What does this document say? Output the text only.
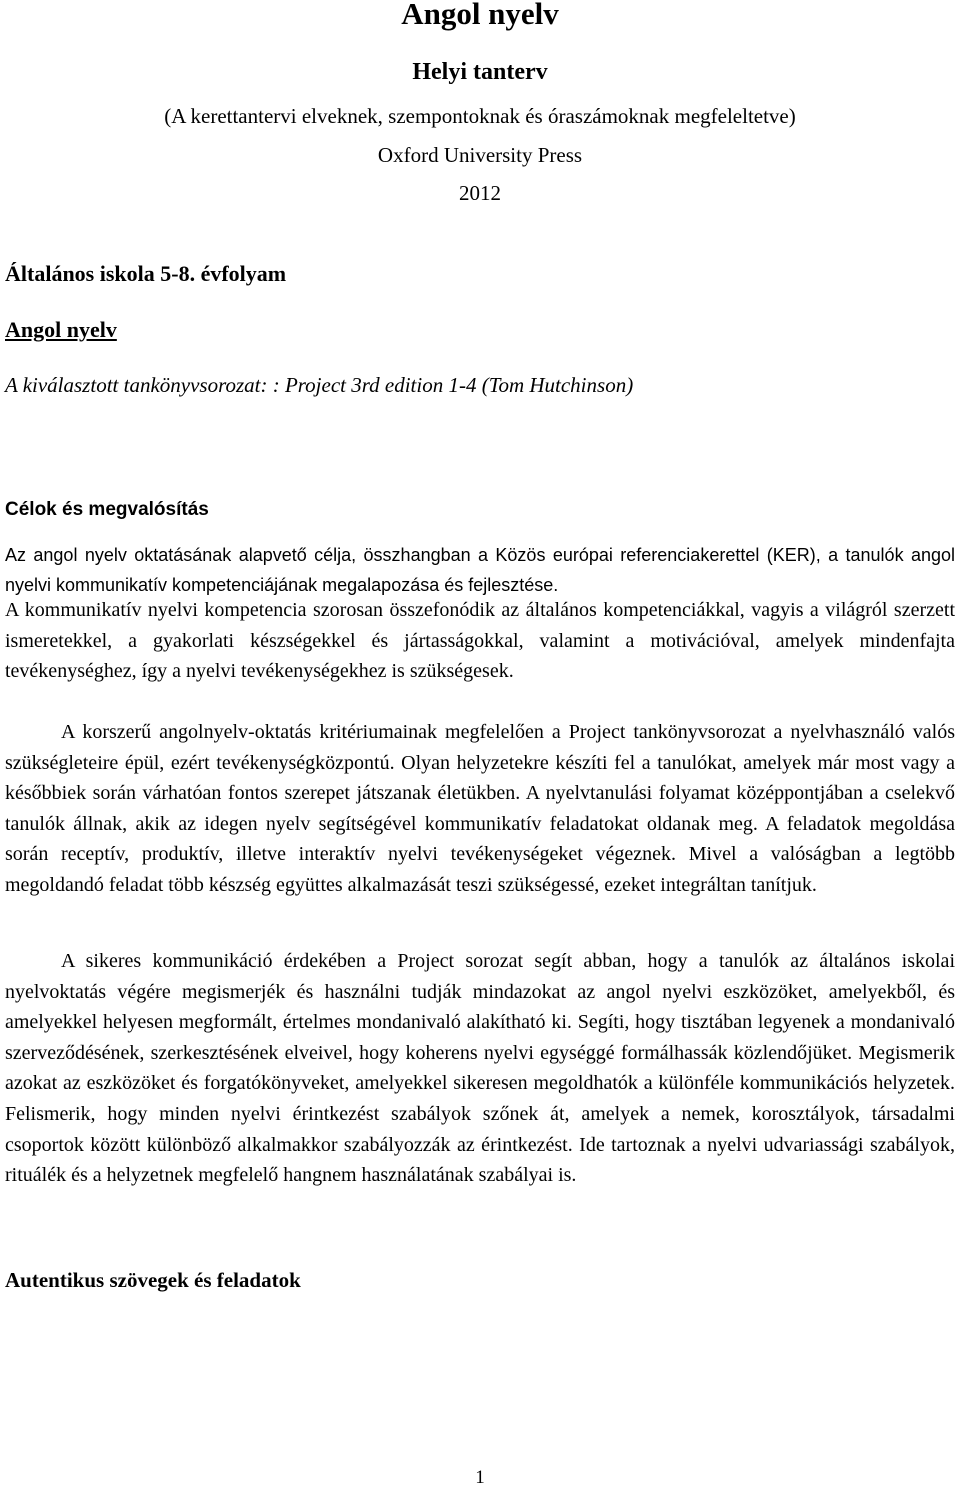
Angol nyelv
Helyi tanterv
(A kerettantervi elveknek, szempontoknak és óraszámoknak megfeleltetve)
Oxford University Press
2012
Általános iskola 5-8. évfolyam
Angol nyelv
A kiválasztott tankönyvsorozat: : Project 3rd edition 1-4 (Tom Hutchinson)
Célok és megvalósítás

Az angol nyelv oktatásának alapvető célja, összhangban a Közös európai referenciakerettel (KER), a tanulók angol nyelvi kommunikatív kompetenciájának megalapozása és fejlesztése.

A kommunikatív nyelvi kompetencia szorosan összefonódik az általános kompetenciákkal, vagyis a világról szerzett ismeretekkel, a gyakorlati készségekkel és jártasságokkal, valamint a motivációval, amelyek mindenfajta tevékenységhez, így a nyelvi tevékenységekhez is szükségesek.

A korszerű angolnyelv-oktatás kritériumainak megfelelően a Project tankönyvsorozat a nyelvhasználó valós szükségleteire épül, ezért tevékenységközpontú. Olyan helyzetekre készíti fel a tanulókat, amelyek már most vagy a későbbiek során várhatóan fontos szerepet játszanak életükben. A nyelvtanulási folyamat középpontjában a cselekvő tanulók állnak, akik az idegen nyelv segítségével kommunikatív feladatokat oldanak meg. A feladatok megoldása során receptív, produktív, illetve interaktív nyelvi tevékenységeket végeznek. Mivel a valóságban a legtöbb megoldandó feladat több készség együttes alkalmazását teszi szükségessé, ezeket integráltan tanítjuk.

A sikeres kommunikáció érdekében a Project sorozat segít abban, hogy a tanulók az általános iskolai nyelvoktatás végére megismerjék és használni tudják mindazokat az angol nyelvi eszközöket, amelyekből, és amelyekkel helyesen megformált, értelmes mondanivaló alakítható ki. Segíti, hogy tisztában legyenek a mondanivaló szerveződésének, szerkesztésének elveivel, hogy koherens nyelvi egységgé formálhassák közlendőjüket. Megismerik azokat az eszközöket és forgatókönyveket, amelyekkel sikeresen megoldhatók a különféle kommunikációs helyzetek. Felismerik, hogy minden nyelvi érintkezést szabályok szőnek át, amelyek a nemek, korosztályok, társadalmi csoportok között különböző alkalmakkor szabályozzák az érintkezést. Ide tartoznak a nyelvi udvariassági szabályok, rituálék és a helyzetnek megfelelő hangnem használatának szabályai is.

Autentikus szövegek és feladatok
1
